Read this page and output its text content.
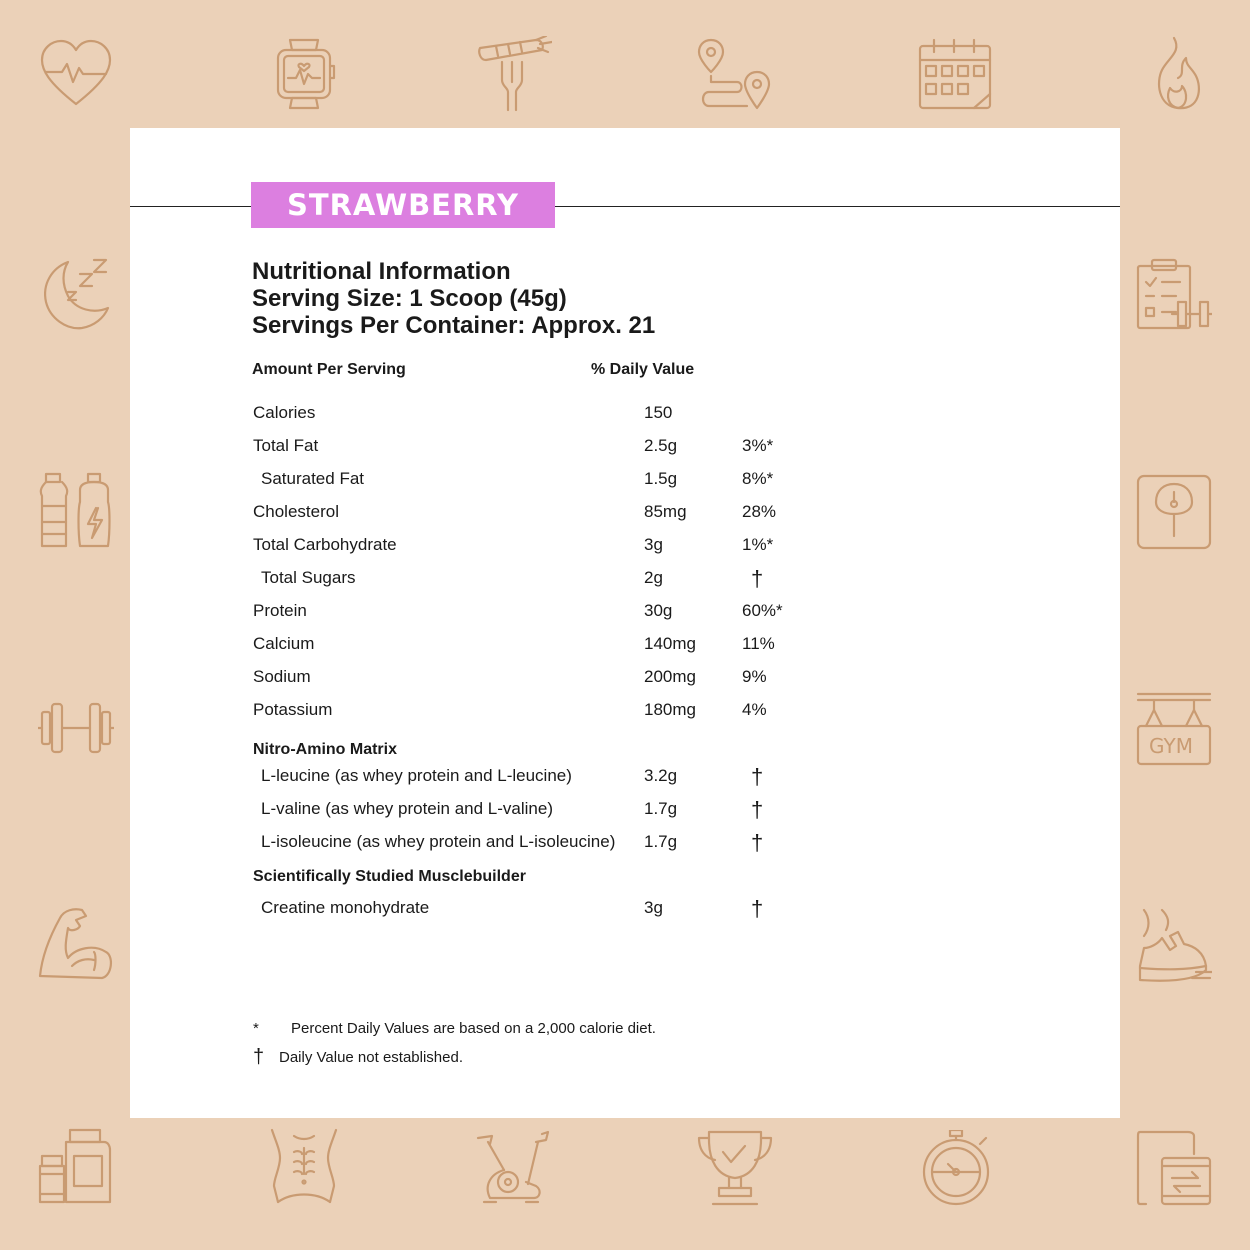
GYM
STRAWBERRY
Nutritional Information
Serving Size: 1 Scoop (45g)
Servings Per Container: Approx. 21
Amount Per Serving	% Daily Value
Calories	150
Total Fat	2.5g	3%*
Saturated Fat	1.5g	8%*
Cholesterol	85mg	28%
Total Carbohydrate	3g	1%*
Total Sugars	2g	†
Protein	30g	60%*
Calcium	140mg	11%
Sodium	200mg	9%
Potassium	180mg	4%
Nitro-Amino Matrix
L-leucine (as whey protein and L-leucine)	3.2g	†
L-valine (as whey protein and L-valine)	1.7g	†
L-isoleucine (as whey protein and L-isoleucine) 1.7g	†
Scientifically Studied Musclebuilder
Creatine monohydrate	3g	†
* Percent Daily Values are based on a 2,000 calorie diet.
† Daily Value not established.
